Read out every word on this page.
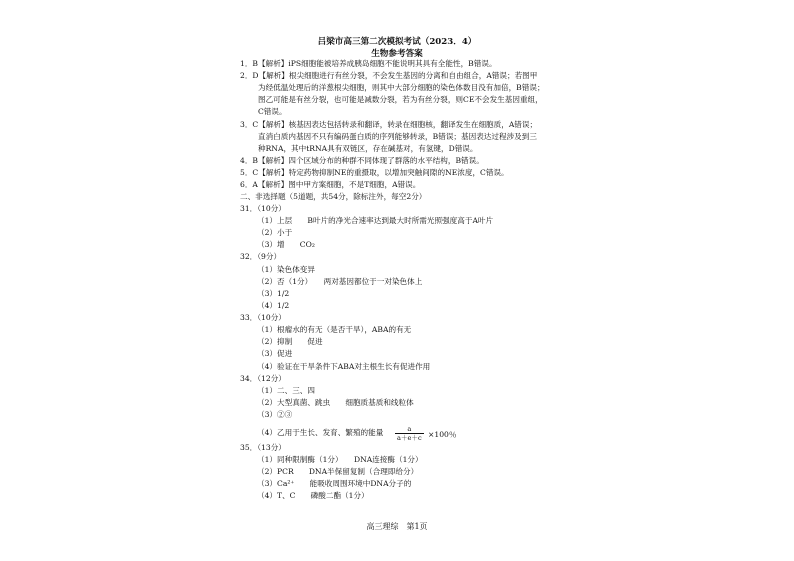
吕梁市高三第二次模拟考试（2023．4）
生物参考答案
1．B【解析】iPS细胞能被培养成胰岛细胞不能说明其具有全能性，B错误。
2．D【解析】根尖细胞进行有丝分裂，不会发生基因的分离和自由组合，A错误；若图甲
为经低温处理后的洋葱根尖细胞，则其中大部分细胞的染色体数目没有加倍，B错误；
图乙可能是有丝分裂，也可能是减数分裂，若为有丝分裂，则CE不会发生基因重组，
C错误。
3．C【解析】核基因表达包括转录和翻译，转录在细胞核，翻译发生在细胞质，A错误；
直消白质内基因不只有编码蛋白质的序列能够转录，B错误；基因表达过程涉及到三
种RNA，其中tRNA具有双链区，存在碱基对，有氢键，D错误。
4．B【解析】四个区域分布的种群不同体现了群落的水平结构，B错误。
5．C【解析】特定药物抑制NE的重摄取，以增加突触间隙的NE浓度，C错误。
6．A【解析】图中甲方案细胞，不是T细胞，A错误。
二、非选择题（5道题，共54分，除标注外，每空2分）
31．（10分）
（1）上层　　B叶片的净光合速率达到最大时所需光照强度高于A叶片
（2）小于
（3）增　　CO₂
32．（9分）
（1）染色体变异
（2）否（1分）　　两对基因都位于一对染色体上
（3）1/2
（4）1/2
33．（10分）
（1）根瘤水的有无（是否干旱），ABA的有无
（2）抑制　　促进
（3）促进
（4）验证在干旱条件下ABA对主根生长有促进作用
34．（12分）
（1）二、三、四
（2）大型真菌、跳虫　　细胞质基质和线粒体
（3）②③
（4）乙用于生长、发育、繁殖的能量
35．（13分）
（1）同种限制酶（1分）　　DNA连接酶（1分）
（2）PCR　　DNA半保留复制（合理即给分）
（3）Ca²⁺　　能吸收周围环境中DNA分子的
（4）T、C　　磷酸二酯（1分）
$\frac{a}{a+e+c} \times 100$％
高三理综　第1页
